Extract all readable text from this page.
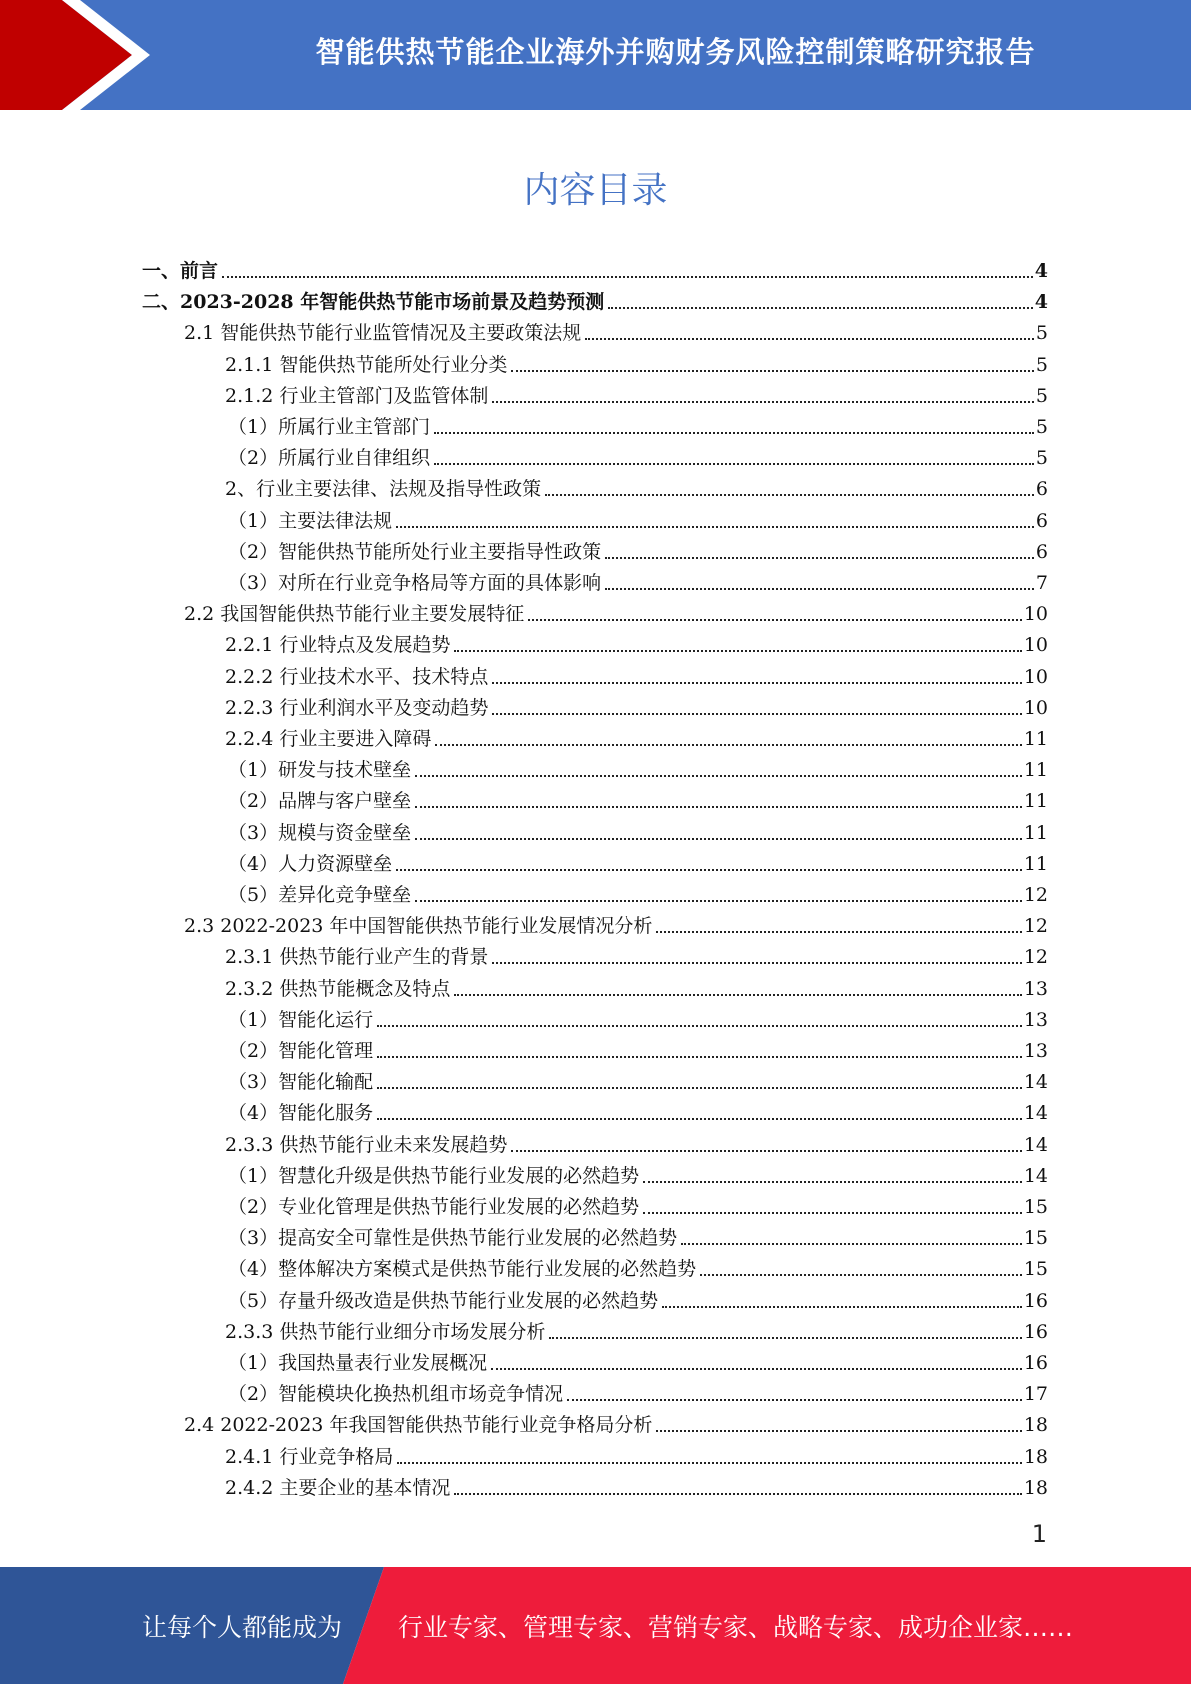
智能供热节能企业海外并购财务风险控制策略研究报告
内容目录
一、前言	4
二、2023-2028 年智能供热节能市场前景及趋势预测	4
2.1 智能供热节能行业监管情况及主要政策法规	5
2.1.1 智能供热节能所处行业分类	5
2.1.2 行业主管部门及监管体制	5
（1）所属行业主管部门	5
（2）所属行业自律组织	5
2、行业主要法律、法规及指导性政策	6
（1）主要法律法规	6
（2）智能供热节能所处行业主要指导性政策	6
（3）对所在行业竞争格局等方面的具体影响	7
2.2 我国智能供热节能行业主要发展特征	10
2.2.1 行业特点及发展趋势	10
2.2.2 行业技术水平、技术特点	10
2.2.3 行业利润水平及变动趋势	10
2.2.4 行业主要进入障碍	11
（1）研发与技术壁垒	11
（2）品牌与客户壁垒	11
（3）规模与资金壁垒	11
（4）人力资源壁垒	11
（5）差异化竞争壁垒	12
2.3 2022-2023 年中国智能供热节能行业发展情况分析	12
2.3.1 供热节能行业产生的背景	12
2.3.2 供热节能概念及特点	13
（1）智能化运行	13
（2）智能化管理	13
（3）智能化输配	14
（4）智能化服务	14
2.3.3 供热节能行业未来发展趋势	14
（1）智慧化升级是供热节能行业发展的必然趋势	14
（2）专业化管理是供热节能行业发展的必然趋势	15
（3）提高安全可靠性是供热节能行业发展的必然趋势	15
（4）整体解决方案模式是供热节能行业发展的必然趋势	15
（5）存量升级改造是供热节能行业发展的必然趋势	16
2.3.3 供热节能行业细分市场发展分析	16
（1）我国热量表行业发展概况	16
（2）智能模块化换热机组市场竞争情况	17
2.4 2022-2023 年我国智能供热节能行业竞争格局分析	18
2.4.1 行业竞争格局	18
2.4.2 主要企业的基本情况	18
1
让每个人都能成为 行业专家、管理专家、营销专家、战略专家、成功企业家……
